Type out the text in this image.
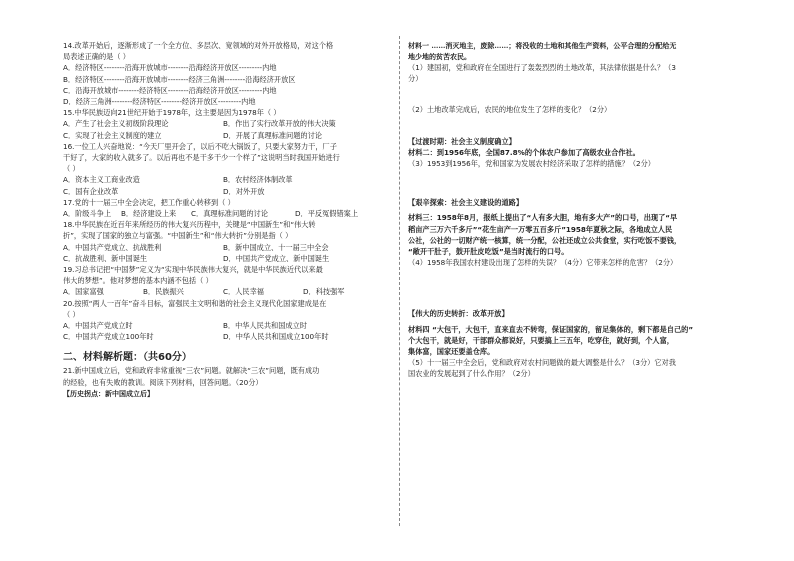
14.改革开始后，逐渐形成了一个全方位、多层次、宽领域的对外开放格局，对这个格
局表述正确的是（ ）
A．经济特区--------沿海开放城市--------沿海经济开放区---------内地
B．经济特区--------沿海开放城市--------经济三角洲--------沿海经济开放区
C．沿海开放城市--------经济特区--------沿海经济开放区---------内地
D．经济三角洲--------经济特区--------经济开放区---------内地
15.中华民族迈向21世纪开始于1978年，这主要是因为1978年（ ）
A．产生了社会主义初级阶段理论	B．作出了实行改革开放的伟大决策
C．实现了社会主义制度的建立	D．开展了真理标准问题的讨论
16.一位工人兴奋地说：“今天厂里开会了，以后不吃大锅饭了，只要大家努力干，厂子
干好了，大家的收入就多了。以后再也不是干多干少一个样了”这说明当时我国开始进行
（ ）
A．资本主义工商业改造	B．农村经济体制改革
C．国有企业改革	D．对外开放
17.党的十一届三中全会决定，把工作重心转移到（ ）
A．阶级斗争上	B．经济建设上来	C．真理标准问题的讨论	D．平反冤假错案上
18.中华民族在近百年来所经历的伟大复兴历程中，关键是“中国新生”和“伟大转
折”，实现了国家的独立与富强。“中国新生”和“伟大转折”分别是指（ ）
A．中国共产党成立、抗战胜利	B．新中国成立、十一届三中全会
C．抗战胜利、新中国诞生	D．中国共产党成立、新中国诞生
19.习总书记把“中国梦”定义为“实现中华民族伟大复兴，就是中华民族近代以来最
伟大的梦想”。他对梦想的基本内涵不包括（ ）
A．国家富强	B．民族振兴	C．人民幸福	D．科技强军
20.按照“两人一百年”奋斗目标，富强民主文明和谐的社会主义现代化国家建成是在
（ ）
A．中国共产党成立时	B．中华人民共和国成立时
C．中国共产党成立100年时	D．中华人民共和国成立100年时
二、材料解析题：（共60分）
21.新中国成立后，党和政府非常重视“三农”问题。就解决“三农”问题，既有成功
的经验，也有失败的教训。阅读下列材料，回答问题。（20分）
【历史拐点：新中国成立后】
材料一 ……消灭地主，废除……；将没收的土地和其他生产资料，公平合理的分配给无
地少地的贫苦农民。
（1）建国初，党和政府在全国进行了轰轰烈烈的土地改革，其法律依据是什么？（3
分）
（2）土地改革完成后，农民的地位发生了怎样的变化？（2分）
【过渡时期：社会主义制度确立】
材料二：到1956年底，全国87.8%的个体农户参加了高级农业合作社。
（3）1953到1956年，党和国家为发展农村经济采取了怎样的措施？（2分）
【艰辛探索：社会主义建设的道路】
材料三：1958年8月，报纸上提出了“人有多大胆，地有多大产”的口号，出现了“早
稻亩产三万六千多斤”“花生亩产一万零五百多斤”1958年夏秋之际，各地成立人民
公社，公社的一切财产统一核算，统一分配，公社还成立公共食堂，实行吃饭不要钱，
“敞开干肚子，鼓开肚皮吃饭”是当时流行的口号。
（4）1958年我国农村建设出现了怎样的失误？（4分）它带来怎样的危害？（2分）
【伟大的历史转折：改革开放】
材料四 “大包干，大包干，直来直去不转弯，保证国家的，留足集体的，剩下都是自己的”
个大包干，就是好，干部群众都说好，只要搞上三五年，吃穿住，就好到，个人富，
集体富，国家还要盖仓库。
（5）十一届三中全会后，党和政府对农村问题做的最大调整是什么？（3分）它对我
国农业的发展起到了什么作用？（2分）
